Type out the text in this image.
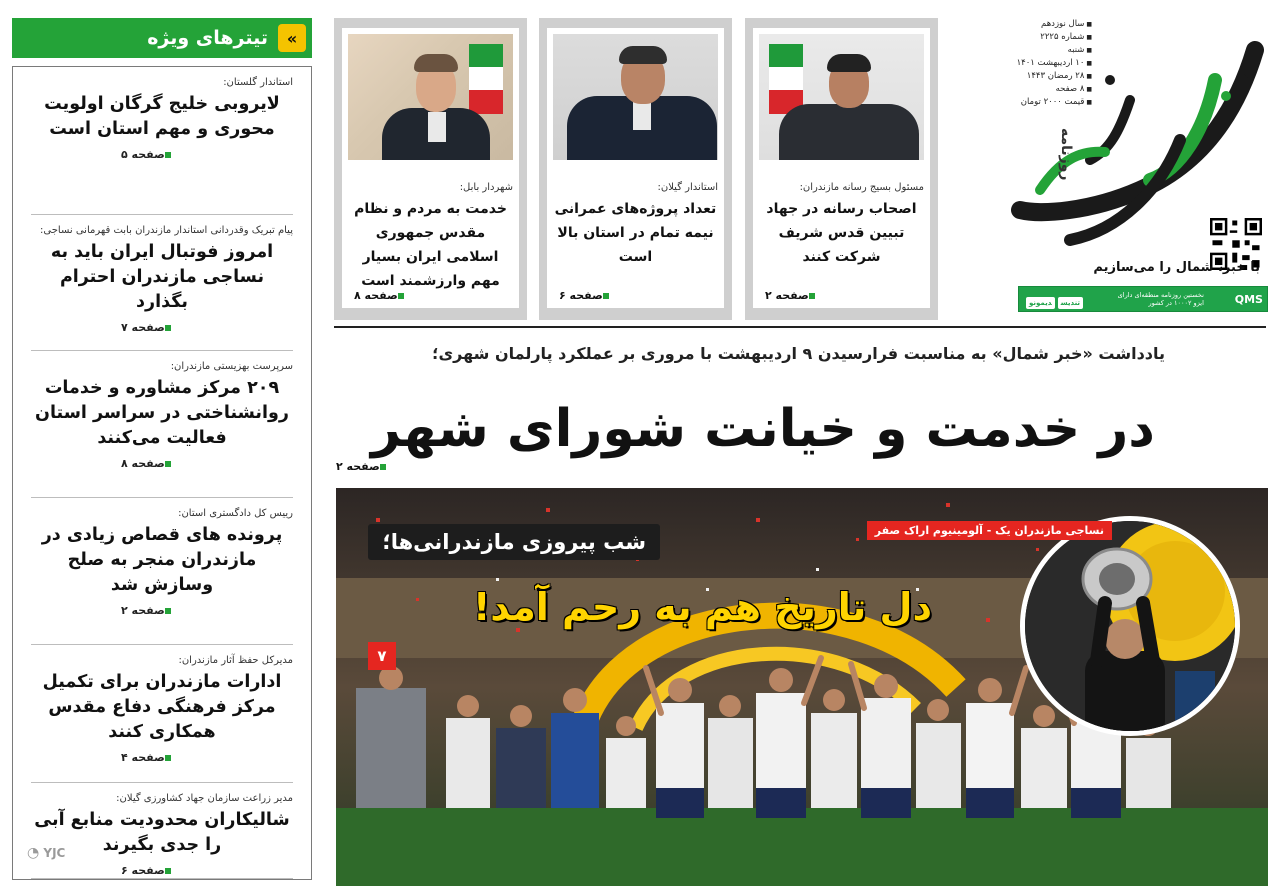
تیترهای ویژه	«
استاندار گلستان:
لایروبی خلیج گرگان اولویت محوری و مهم استان است
صفحه ۵
پیام تبریک وقدردانی استاندار مازندران بابت قهرمانی نساجی:
امروز فوتبال ایران باید به نساجی مازندران احترام بگذارد
صفحه ۷
سرپرست بهزیستی مازندران:
۲۰۹ مرکز مشاوره و خدمات روانشناختی در سراسر استان فعالیت می‌کنند
صفحه ۸
رییس کل دادگستری استان:
پرونده های قصاص زیادی در مازندران منجر به صلح وسازش شد
صفحه ۲
مدیرکل حفظ آثار مازندران:
ادارات مازندران برای تکمیل مرکز فرهنگی دفاع مقدس همکاری کنند
صفحه ۴
مدیر زراعت سازمان جهاد کشاورزی گیلان:
شالیکاران محدودیت منابع آبی را جدی بگیرند
صفحه ۶
◔ YJC
شهردار بابل:
خدمت به مردم و نظام مقدس جمهوری اسلامی ایران بسیار مهم وارزشمند است
صفحه ۸
استاندار گیلان:
تعداد پروژه‌های عمرانی نیمه تمام در استان بالا است
صفحه ۶
مسئول بسیج رسانه مازندران:
اصحاب رسانه در جهاد تبیین قدس شریف شرکت کنند
صفحه ۲
■ سال نوزدهم
■ شماره ۲۲۲۵
■ شنبه
■ ۱۰ اردیبهشت ۱۴۰۱
■ ۲۸ رمضان ۱۴۴۳
■ ۸ صفحه
■ قیمت ۲۰۰۰ تومان
خبرشمال
روزنامه
با خبر، شمال را می‌سازیم
تندیسدیمونو
نخستین روزنامه منطقه‌ای دارای ایزو ۱۰۰۰۲ در کشور	QMS
یادداشت «خبر شمال» به مناسبت فرارسیدن ۹ اردیبهشت با مروری بر عملکرد پارلمان شهری؛
در خدمت و خیانت شورای شهر
صفحه ۲
شب پیروزی مازندرانی‌ها؛
دل تاریخ هم به رحم آمد!
۷
نساجی مازندران یک - آلومینیوم اراک صفر
